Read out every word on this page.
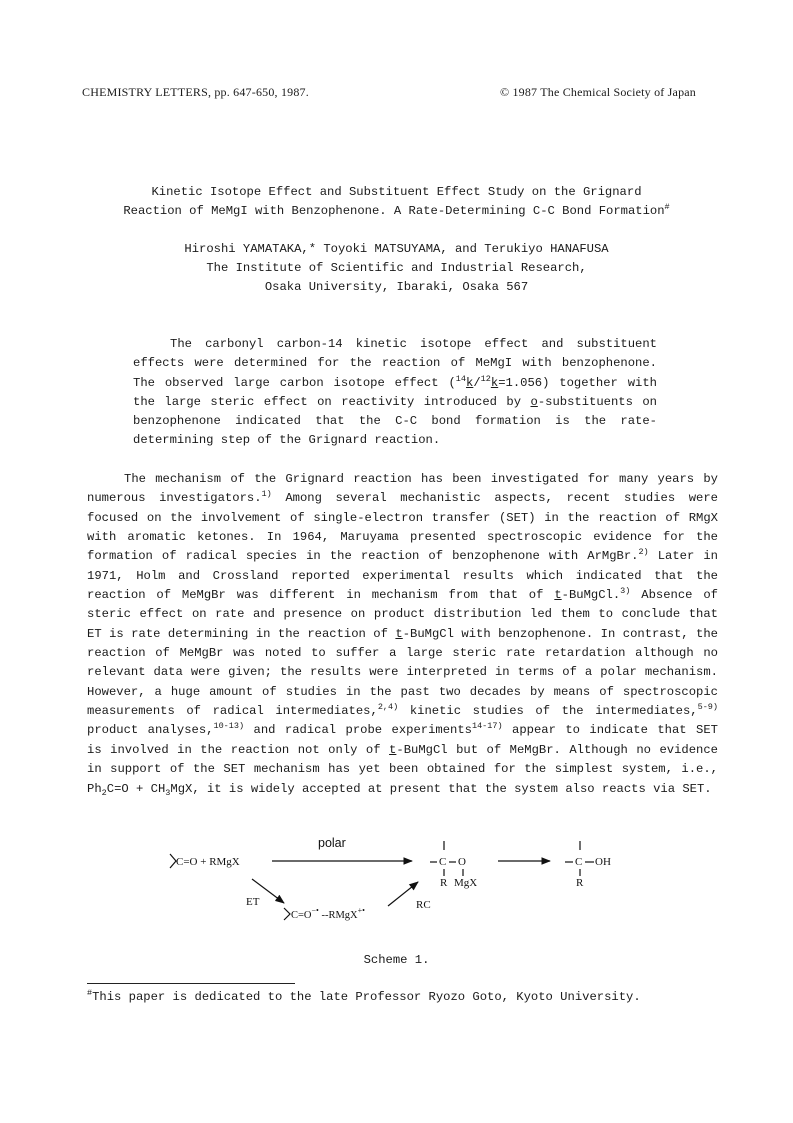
CHEMISTRY LETTERS, pp. 647-650, 1987.	© 1987 The Chemical Society of Japan
Kinetic Isotope Effect and Substituent Effect Study on the Grignard
Reaction of MeMgI with Benzophenone. A Rate-Determining C-C Bond Formation#
Hiroshi YAMATAKA,* Toyoki MATSUYAMA, and Terukiyo HANAFUSA
The Institute of Scientific and Industrial Research,
Osaka University, Ibaraki, Osaka 567
The carbonyl carbon-14 kinetic isotope effect and substituent effects were determined for the reaction of MeMgI with benzophenone. The observed large carbon isotope effect ($^{14}$k/$^{12}$k=1.056) together with the large steric effect on reactivity introduced by o-substituents on benzophenone indicated that the C-C bond formation is the rate-determining step of the Grignard reaction.

The mechanism of the Grignard reaction has been investigated for many years by numerous investigators.$^{1)}$ Among several mechanistic aspects, recent studies were focused on the involvement of single-electron transfer (SET) in the reaction of RMgX with aromatic ketones. In 1964, Maruyama presented spectroscopic evidence for the formation of radical species in the reaction of benzophenone with ArMgBr.$^{2)}$ Later in 1971, Holm and Crossland reported experimental results which indicated that the reaction of MeMgBr was different in mechanism from that of t-BuMgCl.$^{3)}$ Absence of steric effect on rate and presence on product distribution led them to conclude that ET is rate determining in the reaction of t-BuMgCl with benzophenone. In contrast, the reaction of MeMgBr was noted to suffer a large steric rate retardation although no relevant data were given; the results were interpreted in terms of a polar mechanism. However, a huge amount of studies in the past two decades by means of spectroscopic measurements of radical intermediates,$^{2,4)}$ kinetic studies of the intermediates,$^{5-9)}$ product analyses,$^{10-13)}$ and radical probe experiments$^{14-17)}$ appear to indicate that SET is involved in the reaction not only of t-BuMgCl but of MeMgBr. Although no evidence in support of the SET mechanism has yet been obtained for the simplest system, i.e., $Ph_2C=O + CH_3MgX$, it is widely accepted at present that the system also reacts via SET.

C=O + RMgX
polar
C O
R MgX
C OH
R
ET	RC
C=O−• --RMgX+•
Scheme 1.
#This paper is dedicated to the late Professor Ryozo Goto, Kyoto University.
